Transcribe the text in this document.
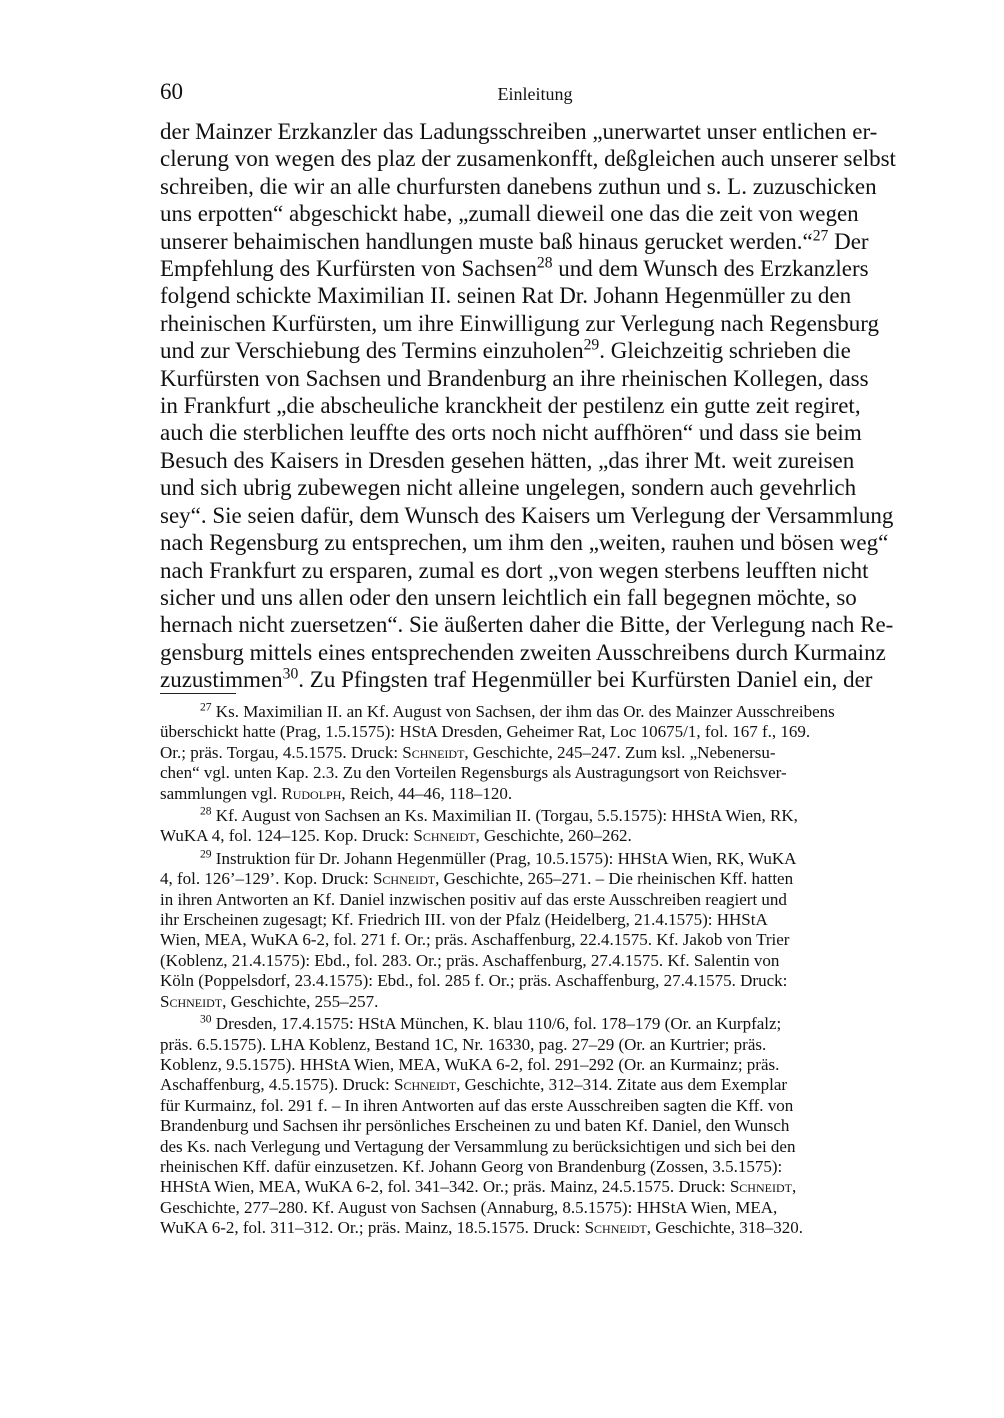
60	Einleitung
der Mainzer Erzkanzler das Ladungsschreiben „unerwartet unser entlichen er-
clerung von wegen des plaz der zusamenkonfft, deßgleichen auch unserer selbst
schreiben, die wir an alle churfursten danebens zuthun und s. L. zuzuschicken
uns erpotten“ abgeschickt habe, „zumall dieweil one das die zeit von wegen
unserer behaimischen handlungen muste baß hinaus gerucket werden.“$^{27}$ Der
Empfehlung des Kurfürsten von Sachsen$^{28}$ und dem Wunsch des Erzkanzlers
folgend schickte Maximilian II. seinen Rat Dr. Johann Hegenmüller zu den
rheinischen Kurfürsten, um ihre Einwilligung zur Verlegung nach Regensburg
und zur Verschiebung des Termins einzuholen$^{29}$. Gleichzeitig schrieben die
Kurfürsten von Sachsen und Brandenburg an ihre rheinischen Kollegen, dass
in Frankfurt „die abscheuliche kranckheit der pestilenz ein gutte zeit regiret,
auch die sterblichen leuffte des orts noch nicht auffhören“ und dass sie beim
Besuch des Kaisers in Dresden gesehen hätten, „das ihrer Mt. weit zureisen
und sich ubrig zubewegen nicht alleine ungelegen, sondern auch gevehrlich
sey“. Sie seien dafür, dem Wunsch des Kaisers um Verlegung der Versammlung
nach Regensburg zu entsprechen, um ihm den „weiten, rauhen und bösen weg“
nach Frankfurt zu ersparen, zumal es dort „von wegen sterbens leufften nicht
sicher und uns allen oder den unsern leichtlich ein fall begegnen möchte, so
hernach nicht zuersetzen“. Sie äußerten daher die Bitte, der Verlegung nach Re-
gensburg mittels eines entsprechenden zweiten Ausschreibens durch Kurmainz
zuzustimmen$^{30}$. Zu Pfingsten traf Hegenmüller bei Kurfürsten Daniel ein, der
$^{27}$ Ks. Maximilian II. an Kf. August von Sachsen, der ihm das Or. des Mainzer Ausschreibens
überschickt hatte (Prag, 1.5.1575): HStA Dresden, Geheimer Rat, Loc 10675/1, fol. 167 f., 169.
Or.; präs. Torgau, 4.5.1575. Druck: Schneidt, Geschichte, 245–247. Zum ksl. „Nebenersu-
chen“ vgl. unten Kap. 2.3. Zu den Vorteilen Regensburgs als Austragungsort von Reichsver-
sammlungen vgl. Rudolph, Reich, 44–46, 118–120.
$^{28}$ Kf. August von Sachsen an Ks. Maximilian II. (Torgau, 5.5.1575): HHStA Wien, RK,
WuKA 4, fol. 124–125. Kop. Druck: Schneidt, Geschichte, 260–262.
$^{29}$ Instruktion für Dr. Johann Hegenmüller (Prag, 10.5.1575): HHStA Wien, RK, WuKA
4, fol. 126’–129’. Kop. Druck: Schneidt, Geschichte, 265–271. – Die rheinischen Kff. hatten
in ihren Antworten an Kf. Daniel inzwischen positiv auf das erste Ausschreiben reagiert und
ihr Erscheinen zugesagt; Kf. Friedrich III. von der Pfalz (Heidelberg, 21.4.1575): HHStA
Wien, MEA, WuKA 6-2, fol. 271 f. Or.; präs. Aschaffenburg, 22.4.1575. Kf. Jakob von Trier
(Koblenz, 21.4.1575): Ebd., fol. 283. Or.; präs. Aschaffenburg, 27.4.1575. Kf. Salentin von
Köln (Poppelsdorf, 23.4.1575): Ebd., fol. 285 f. Or.; präs. Aschaffenburg, 27.4.1575. Druck:
Schneidt, Geschichte, 255–257.
$^{30}$ Dresden, 17.4.1575: HStA München, K. blau 110/6, fol. 178–179 (Or. an Kurpfalz;
präs. 6.5.1575). LHA Koblenz, Bestand 1C, Nr. 16330, pag. 27–29 (Or. an Kurtrier; präs.
Koblenz, 9.5.1575). HHStA Wien, MEA, WuKA 6-2, fol. 291–292 (Or. an Kurmainz; präs.
Aschaffenburg, 4.5.1575). Druck: Schneidt, Geschichte, 312–314. Zitate aus dem Exemplar
für Kurmainz, fol. 291 f. – In ihren Antworten auf das erste Ausschreiben sagten die Kff. von
Brandenburg und Sachsen ihr persönliches Erscheinen zu und baten Kf. Daniel, den Wunsch
des Ks. nach Verlegung und Vertagung der Versammlung zu berücksichtigen und sich bei den
rheinischen Kff. dafür einzusetzen. Kf. Johann Georg von Brandenburg (Zossen, 3.5.1575):
HHStA Wien, MEA, WuKA 6-2, fol. 341–342. Or.; präs. Mainz, 24.5.1575. Druck: Schneidt,
Geschichte, 277–280. Kf. August von Sachsen (Annaburg, 8.5.1575): HHStA Wien, MEA,
WuKA 6-2, fol. 311–312. Or.; präs. Mainz, 18.5.1575. Druck: Schneidt, Geschichte, 318–320.
